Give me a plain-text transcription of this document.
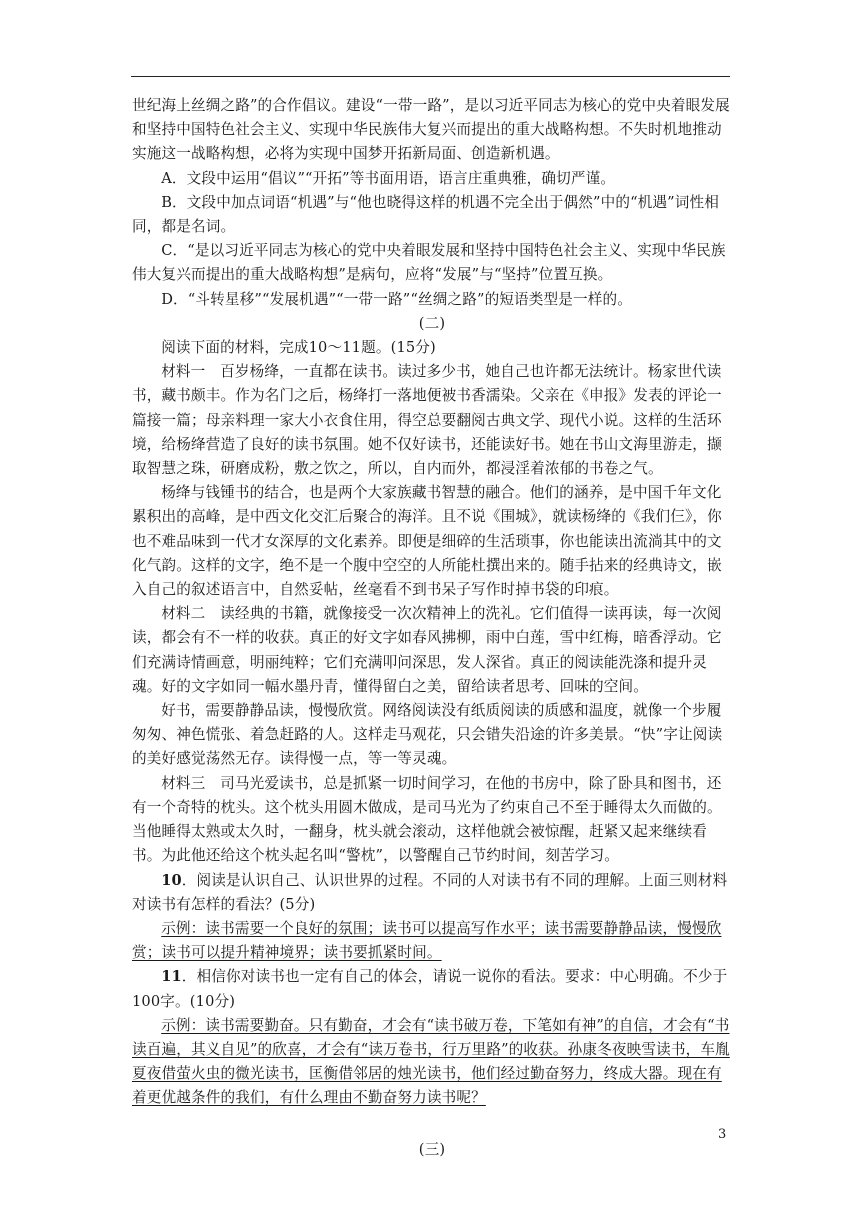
世纪海上丝绸之路”的合作倡议。建设“一带一路”，是以习近平同志为核心的党中央着眼发展和坚持中国特色社会主义、实现中华民族伟大复兴而提出的重大战略构想。不失时机地推动实施这一战略构想，必将为实现中国梦开拓新局面、创造新机遇。

A．文段中运用“倡议”“开拓”等书面用语，语言庄重典雅，确切严谨。

B．文段中加点词语“机遇”与“他也晓得这样的机遇不完全出于偶然”中的“机遇”词性相同，都是名词。

C．“是以习近平同志为核心的党中央着眼发展和坚持中国特色社会主义、实现中华民族伟大复兴而提出的重大战略构想”是病句，应将“发展”与“坚持”位置互换。

D．“斗转星移”“发展机遇”“一带一路”“丝绸之路”的短语类型是一样的。

(二)

阅读下面的材料，完成10～11题。(15分)

材料一　百岁杨绛，一直都在读书。读过多少书，她自己也许都无法统计。杨家世代读书，藏书颇丰。作为名门之后，杨绛打一落地便被书香濡染。父亲在《申报》发表的评论一篇接一篇；母亲料理一家大小衣食住用，得空总要翻阅古典文学、现代小说。这样的生活环境，给杨绛营造了良好的读书氛围。她不仅好读书，还能读好书。她在书山文海里游走，撷取智慧之珠，研磨成粉，敷之饮之，所以，自内而外，都浸淫着浓郁的书卷之气。

杨绛与钱锺书的结合，也是两个大家族藏书智慧的融合。他们的涵养，是中国千年文化累积出的高峰，是中西文化交汇后聚合的海洋。且不说《围城》，就读杨绛的《我们仨》，你也不难品味到一代才女深厚的文化素养。即便是细碎的生活琐事，你也能读出流淌其中的文化气韵。这样的文字，绝不是一个腹中空空的人所能杜撰出来的。随手拈来的经典诗文，嵌入自己的叙述语言中，自然妥帖，丝毫看不到书呆子写作时掉书袋的印痕。

材料二　读经典的书籍，就像接受一次次精神上的洗礼。它们值得一读再读，每一次阅读，都会有不一样的收获。真正的好文字如春风拂柳，雨中白莲，雪中红梅，暗香浮动。它们充满诗情画意，明丽纯粹；它们充满叩问深思，发人深省。真正的阅读能洗涤和提升灵魂。好的文字如同一幅水墨丹青，懂得留白之美，留给读者思考、回味的空间。

好书，需要静静品读，慢慢欣赏。网络阅读没有纸质阅读的质感和温度，就像一个步履匆匆、神色慌张、着急赶路的人。这样走马观花，只会错失沿途的许多美景。“快”字让阅读的美好感觉荡然无存。读得慢一点，等一等灵魂。

材料三　司马光爱读书，总是抓紧一切时间学习，在他的书房中，除了卧具和图书，还有一个奇特的枕头。这个枕头用圆木做成，是司马光为了约束自己不至于睡得太久而做的。当他睡得太熟或太久时，一翻身，枕头就会滚动，这样他就会被惊醒，赶紧又起来继续看书。为此他还给这个枕头起名叫“警枕”，以警醒自己节约时间，刻苦学习。

10．阅读是认识自己、认识世界的过程。不同的人对读书有不同的理解。上面三则材料对读书有怎样的看法？(5分)

示例：读书需要一个良好的氛围；读书可以提高写作水平；读书需要静静品读，慢慢欣赏；读书可以提升精神境界；读书要抓紧时间。

11．相信你对读书也一定有自己的体会，请说一说你的看法。要求：中心明确。不少于100字。(10分)

示例：读书需要勤奋。只有勤奋，才会有“读书破万卷，下笔如有神”的自信，才会有“书读百遍，其义自见”的欣喜，才会有“读万卷书，行万里路”的收获。孙康冬夜映雪读书，车胤夏夜借萤火虫的微光读书，匡衡借邻居的烛光读书，他们经过勤奋努力，终成大器。现在有着更优越条件的我们，有什么理由不勤奋努力读书呢？

(三)

3
